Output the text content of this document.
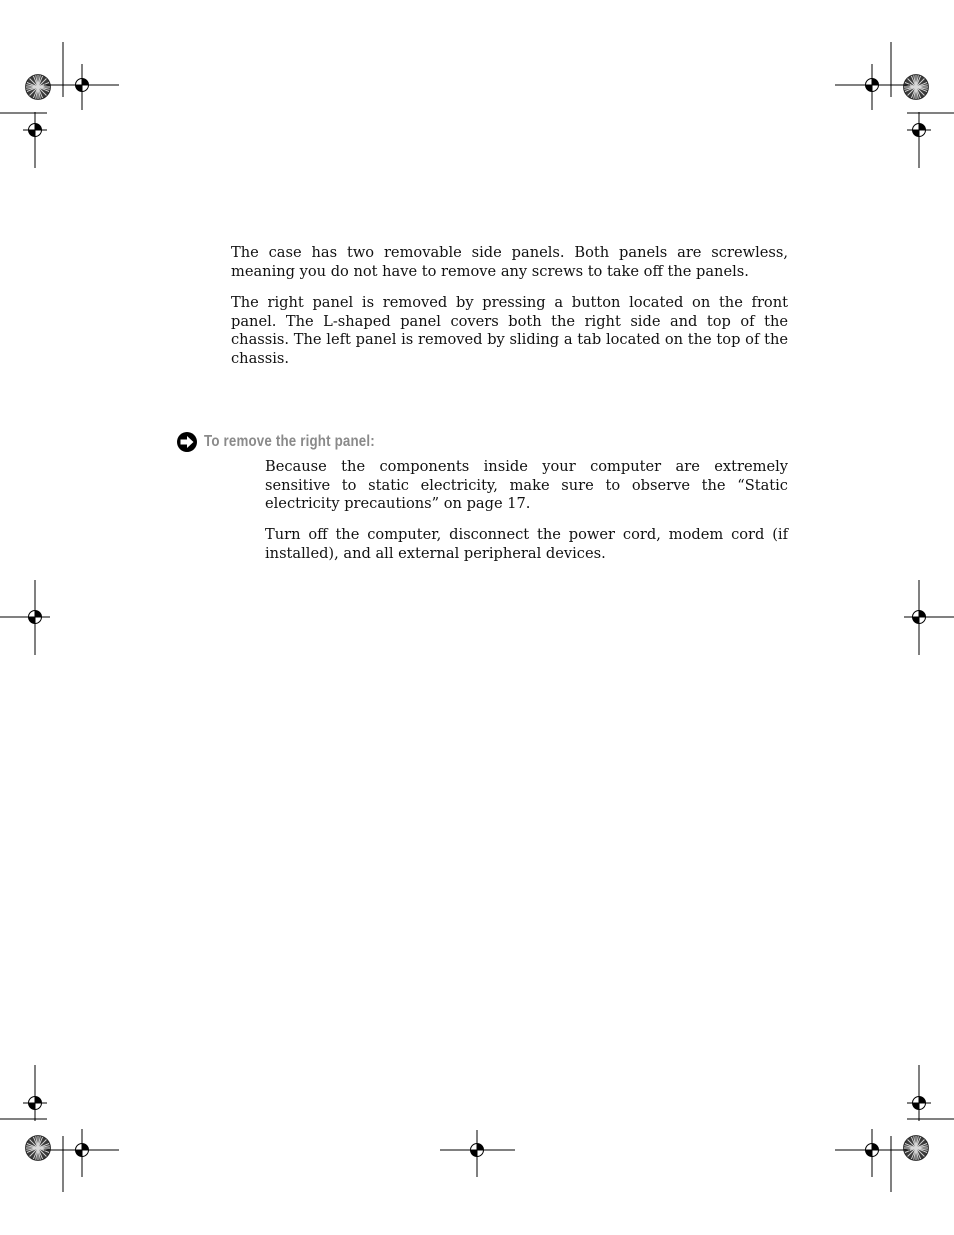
The case has two removable side panels. Both panels are screwless, meaning you do not have to remove any screws to take off the panels.

The right panel is removed by pressing a button located on the front panel. The L-shaped panel covers both the right side and top of the chassis. The left panel is removed by sliding a tab located on the top of the chassis.

To remove the right panel:

Because the components inside your computer are extremely sensitive to static electricity, make sure to observe the “Static electricity precautions” on page 17.

Turn off the computer, disconnect the power cord, modem cord (if installed), and all external peripheral devices.
